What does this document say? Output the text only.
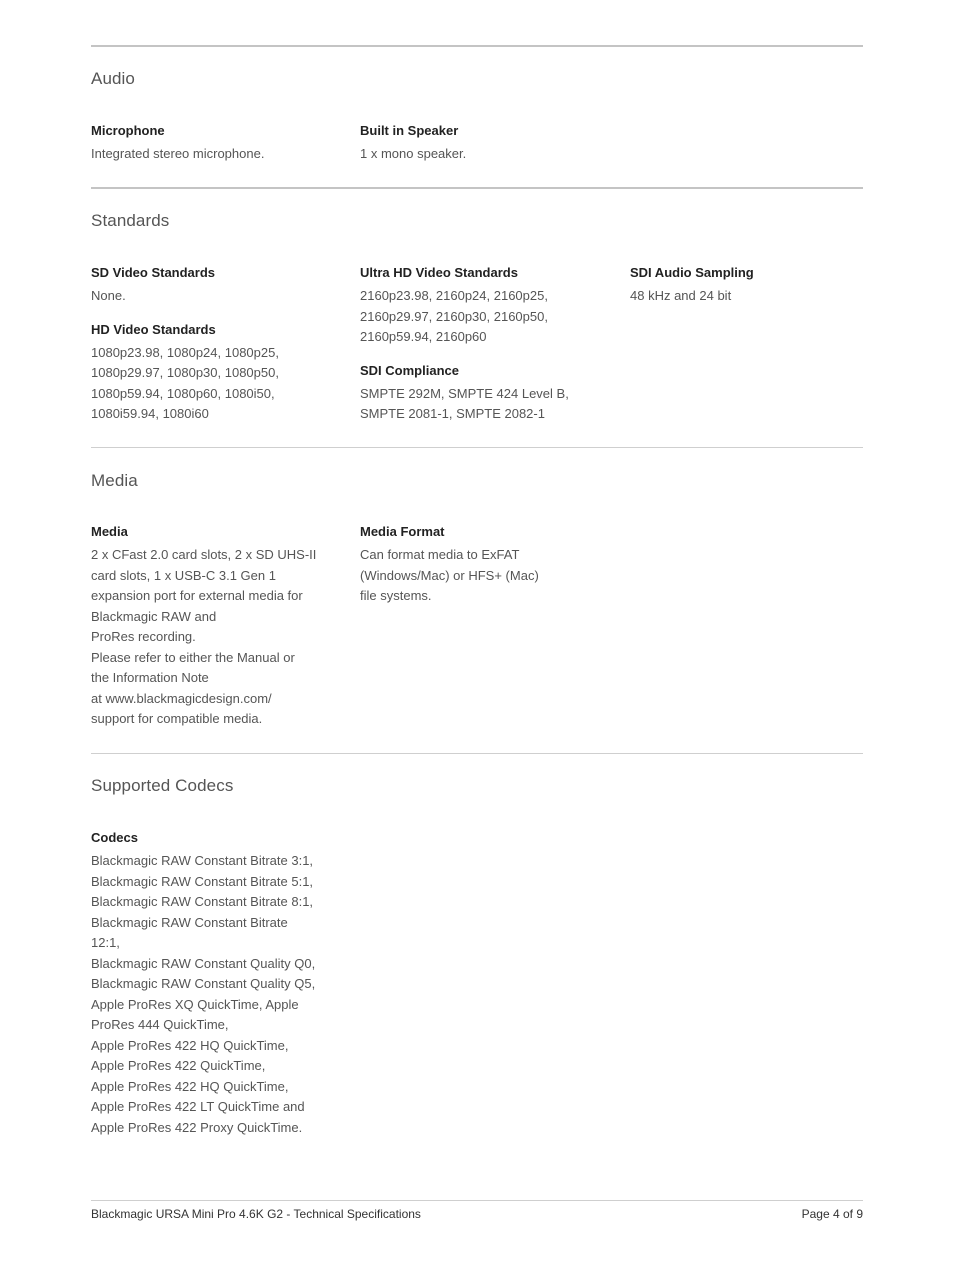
Audio
Microphone
Integrated stereo microphone.
Built in Speaker
1 x mono speaker.
Standards
SD Video Standards
None.
HD Video Standards
1080p23.98, 1080p24, 1080p25,
1080p29.97, 1080p30, 1080p50,
1080p59.94, 1080p60, 1080i50,
1080i59.94, 1080i60
Ultra HD Video Standards
2160p23.98, 2160p24, 2160p25,
2160p29.97, 2160p30, 2160p50,
2160p59.94, 2160p60
SDI Compliance
SMPTE 292M, SMPTE 424 Level B,
SMPTE 2081-1, SMPTE 2082-1
SDI Audio Sampling
48 kHz and 24 bit
Media
Media
2 x CFast 2.0 card slots, 2 x SD UHS-II
card slots, 1 x USB-C 3.1 Gen 1
expansion port for external media for
Blackmagic RAW and
ProRes recording.
Please refer to either the Manual or
the Information Note
at www.blackmagicdesign.com/
support for compatible media.
Media Format
Can format media to ExFAT
(Windows/Mac) or HFS+ (Mac)
file systems.
Supported Codecs
Codecs
Blackmagic RAW Constant Bitrate 3:1,
Blackmagic RAW Constant Bitrate 5:1,
Blackmagic RAW Constant Bitrate 8:1,
Blackmagic RAW Constant Bitrate
12:1,
Blackmagic RAW Constant Quality Q0,
Blackmagic RAW Constant Quality Q5,
Apple ProRes XQ QuickTime, Apple
ProRes 444 QuickTime,
Apple ProRes 422 HQ QuickTime,
Apple ProRes 422 QuickTime,
Apple ProRes 422 HQ QuickTime,
Apple ProRes 422 LT QuickTime and
Apple ProRes 422 Proxy QuickTime.
Blackmagic URSA Mini Pro 4.6K G2 - Technical Specifications	Page 4 of 9
